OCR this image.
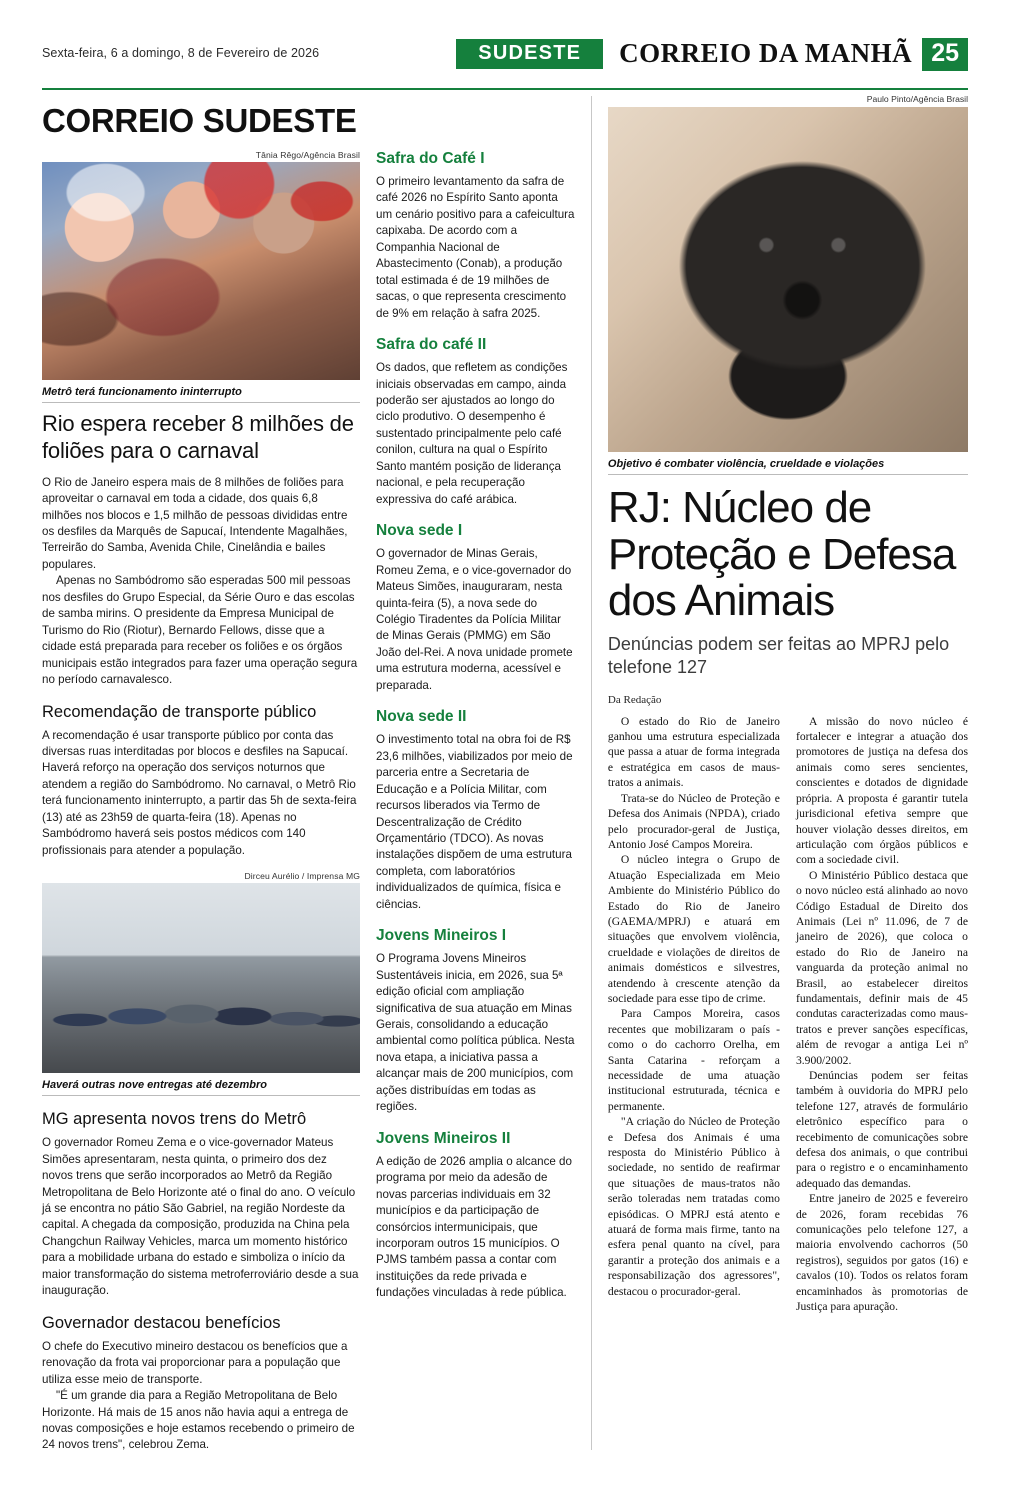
Sexta-feira, 6 a domingo, 8 de Fevereiro de 2026	SUDESTE	CORREIO DA MANHÃ 25
CORREIO SUDESTE
Tânia Rêgo/Agência Brasil
Metrô terá funcionamento ininterrupto
Rio espera receber 8 milhões de foliões para o carnaval

O Rio de Janeiro espera mais de 8 milhões de foliões para aproveitar o carnaval em toda a cidade, dos quais 6,8 milhões nos blocos e 1,5 milhão de pessoas divididas entre os desfiles da Marquês de Sapucaí, Intendente Magalhães, Terreirão do Samba, Avenida Chile, Cinelândia e bailes populares.

Apenas no Sambódromo são esperadas 500 mil pessoas nos desfiles do Grupo Especial, da Série Ouro e das escolas de samba mirins. O presidente da Empresa Municipal de Turismo do Rio (Riotur), Bernardo Fellows, disse que a cidade está preparada para receber os foliões e os órgãos municipais estão integrados para fazer uma operação segura no período carnavalesco.

Recomendação de transporte público

A recomendação é usar transporte público por conta das diversas ruas interditadas por blocos e desfiles na Sapucaí. Haverá reforço na operação dos serviços noturnos que atendem a região do Sambódromo. No carnaval, o Metrô Rio terá funcionamento ininterrupto, a partir das 5h de sexta-feira (13) até as 23h59 de quarta-feira (18). Apenas no Sambódromo haverá seis postos médicos com 140 profissionais para atender a população.

Dirceu Aurélio / Imprensa MG
Haverá outras nove entregas até dezembro
MG apresenta novos trens do Metrô

O governador Romeu Zema e o vice-governador Mateus Simões apresentaram, nesta quinta, o primeiro dos dez novos trens que serão incorporados ao Metrô da Região Metropolitana de Belo Horizonte até o final do ano. O veículo já se encontra no pátio São Gabriel, na região Nordeste da capital. A chegada da composição, produzida na China pela Changchun Railway Vehicles, marca um momento histórico para a mobilidade urbana do estado e simboliza o início da maior transformação do sistema metroferroviário desde a sua inauguração.

Governador destacou benefícios

O chefe do Executivo mineiro destacou os benefícios que a renovação da frota vai proporcionar para a população que utiliza esse meio de transporte.

"É um grande dia para a Região Metropolitana de Belo Horizonte. Há mais de 15 anos não havia aqui a entrega de novas composições e hoje estamos recebendo o primeiro de 24 novos trens", celebrou Zema.

Safra do Café I

O primeiro levantamento da safra de café 2026 no Espírito Santo aponta um cenário positivo para a cafeicultura capixaba. De acordo com a Companhia Nacional de Abastecimento (Conab), a produção total estimada é de 19 milhões de sacas, o que representa crescimento de 9% em relação à safra 2025.

Safra do café II

Os dados, que refletem as condições iniciais observadas em campo, ainda poderão ser ajustados ao longo do ciclo produtivo. O desempenho é sustentado principalmente pelo café conilon, cultura na qual o Espírito Santo mantém posição de liderança nacional, e pela recuperação expressiva do café arábica.

Nova sede I

O governador de Minas Gerais, Romeu Zema, e o vice-governador do Mateus Simões, inauguraram, nesta quinta-feira (5), a nova sede do Colégio Tiradentes da Polícia Militar de Minas Gerais (PMMG) em São João del-Rei. A nova unidade promete uma estrutura moderna, acessível e preparada.

Nova sede II

O investimento total na obra foi de R$ 23,6 milhões, viabilizados por meio de parceria entre a Secretaria de Educação e a Polícia Militar, com recursos liberados via Termo de Descentralização de Crédito Orçamentário (TDCO). As novas instalações dispõem de uma estrutura completa, com laboratórios individualizados de química, física e ciências.

Jovens Mineiros I

O Programa Jovens Mineiros Sustentáveis inicia, em 2026, sua 5ª edição oficial com ampliação significativa de sua atuação em Minas Gerais, consolidando a educação ambiental como política pública. Nesta nova etapa, a iniciativa passa a alcançar mais de 200 municípios, com ações distribuídas em todas as regiões.

Jovens Mineiros II

A edição de 2026 amplia o alcance do programa por meio da adesão de novas parcerias individuais em 32 municípios e da participação de consórcios intermunicipais, que incorporam outros 15 municípios. O PJMS também passa a contar com instituições da rede privada e fundações vinculadas à rede pública.

Paulo Pinto/Agência Brasil
Objetivo é combater violência, crueldade e violações
RJ: Núcleo de Proteção e Defesa dos Animais
Denúncias podem ser feitas ao MPRJ pelo telefone 127
Da Redação

O estado do Rio de Janeiro ganhou uma estrutura especializada que passa a atuar de forma integrada e estratégica em casos de maus-tratos a animais.

Trata-se do Núcleo de Proteção e Defesa dos Animais (NPDA), criado pelo procurador-geral de Justiça, Antonio José Campos Moreira.

O núcleo integra o Grupo de Atuação Especializada em Meio Ambiente do Ministério Público do Estado do Rio de Janeiro (GAEMA/MPRJ) e atuará em situações que envolvem violência, crueldade e violações de direitos de animais domésticos e silvestres, atendendo à crescente atenção da sociedade para esse tipo de crime.

Para Campos Moreira, casos recentes que mobilizaram o país - como o do cachorro Orelha, em Santa Catarina - reforçam a necessidade de uma atuação institucional estruturada, técnica e permanente.

"A criação do Núcleo de Proteção e Defesa dos Animais é uma resposta do Ministério Público à sociedade, no sentido de reafirmar que situações de maus-tratos não serão toleradas nem tratadas como episódicas. O MPRJ está atento e atuará de forma mais firme, tanto na esfera penal quanto na cível, para garantir a proteção dos animais e a responsabilização dos agressores", destacou o procurador-geral.

A missão do novo núcleo é fortalecer e integrar a atuação dos promotores de justiça na defesa dos animais como seres sencientes, conscientes e dotados de dignidade própria. A proposta é garantir tutela jurisdicional efetiva sempre que houver violação desses direitos, em articulação com órgãos públicos e com a sociedade civil.

O Ministério Público destaca que o novo núcleo está alinhado ao novo Código Estadual de Direito dos Animais (Lei nº 11.096, de 7 de janeiro de 2026), que coloca o estado do Rio de Janeiro na vanguarda da proteção animal no Brasil, ao estabelecer direitos fundamentais, definir mais de 45 condutas caracterizadas como maus-tratos e prever sanções específicas, além de revogar a antiga Lei nº 3.900/2002.

Denúncias podem ser feitas também à ouvidoria do MPRJ pelo telefone 127, através de formulário eletrônico específico para o recebimento de comunicações sobre defesa dos animais, o que contribui para o registro e o encaminhamento adequado das demandas.

Entre janeiro de 2025 e fevereiro de 2026, foram recebidas 76 comunicações pelo telefone 127, a maioria envolvendo cachorros (50 registros), seguidos por gatos (16) e cavalos (10). Todos os relatos foram encaminhados às promotorias de Justiça para apuração.
